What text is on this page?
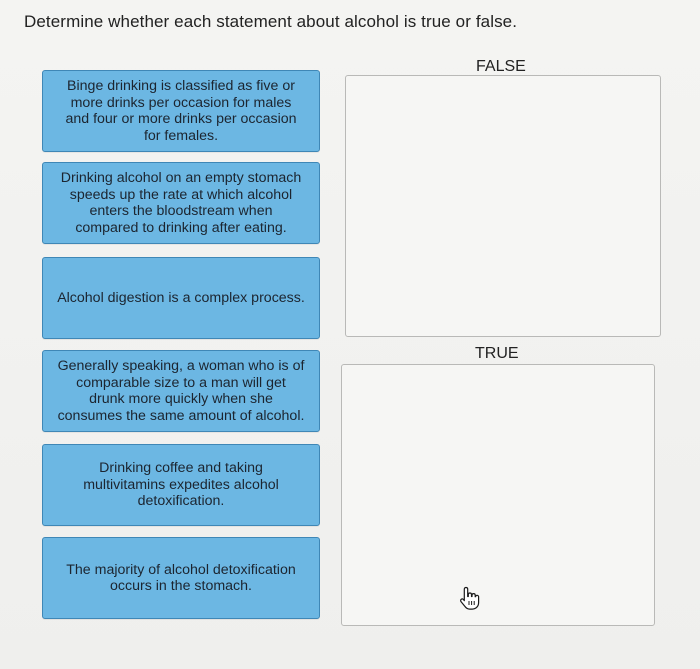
Determine whether each statement about alcohol is true or false.
Binge drinking is classified as five or more drinks per occasion for males and four or more drinks per occasion for females.
Drinking alcohol on an empty stomach speeds up the rate at which alcohol enters the bloodstream when compared to drinking after eating.
Alcohol digestion is a complex process.
Generally speaking, a woman who is of comparable size to a man will get drunk more quickly when she consumes the same amount of alcohol.
Drinking coffee and taking multivitamins expedites alcohol detoxification.
The majority of alcohol detoxification occurs in the stomach.
FALSE
TRUE
